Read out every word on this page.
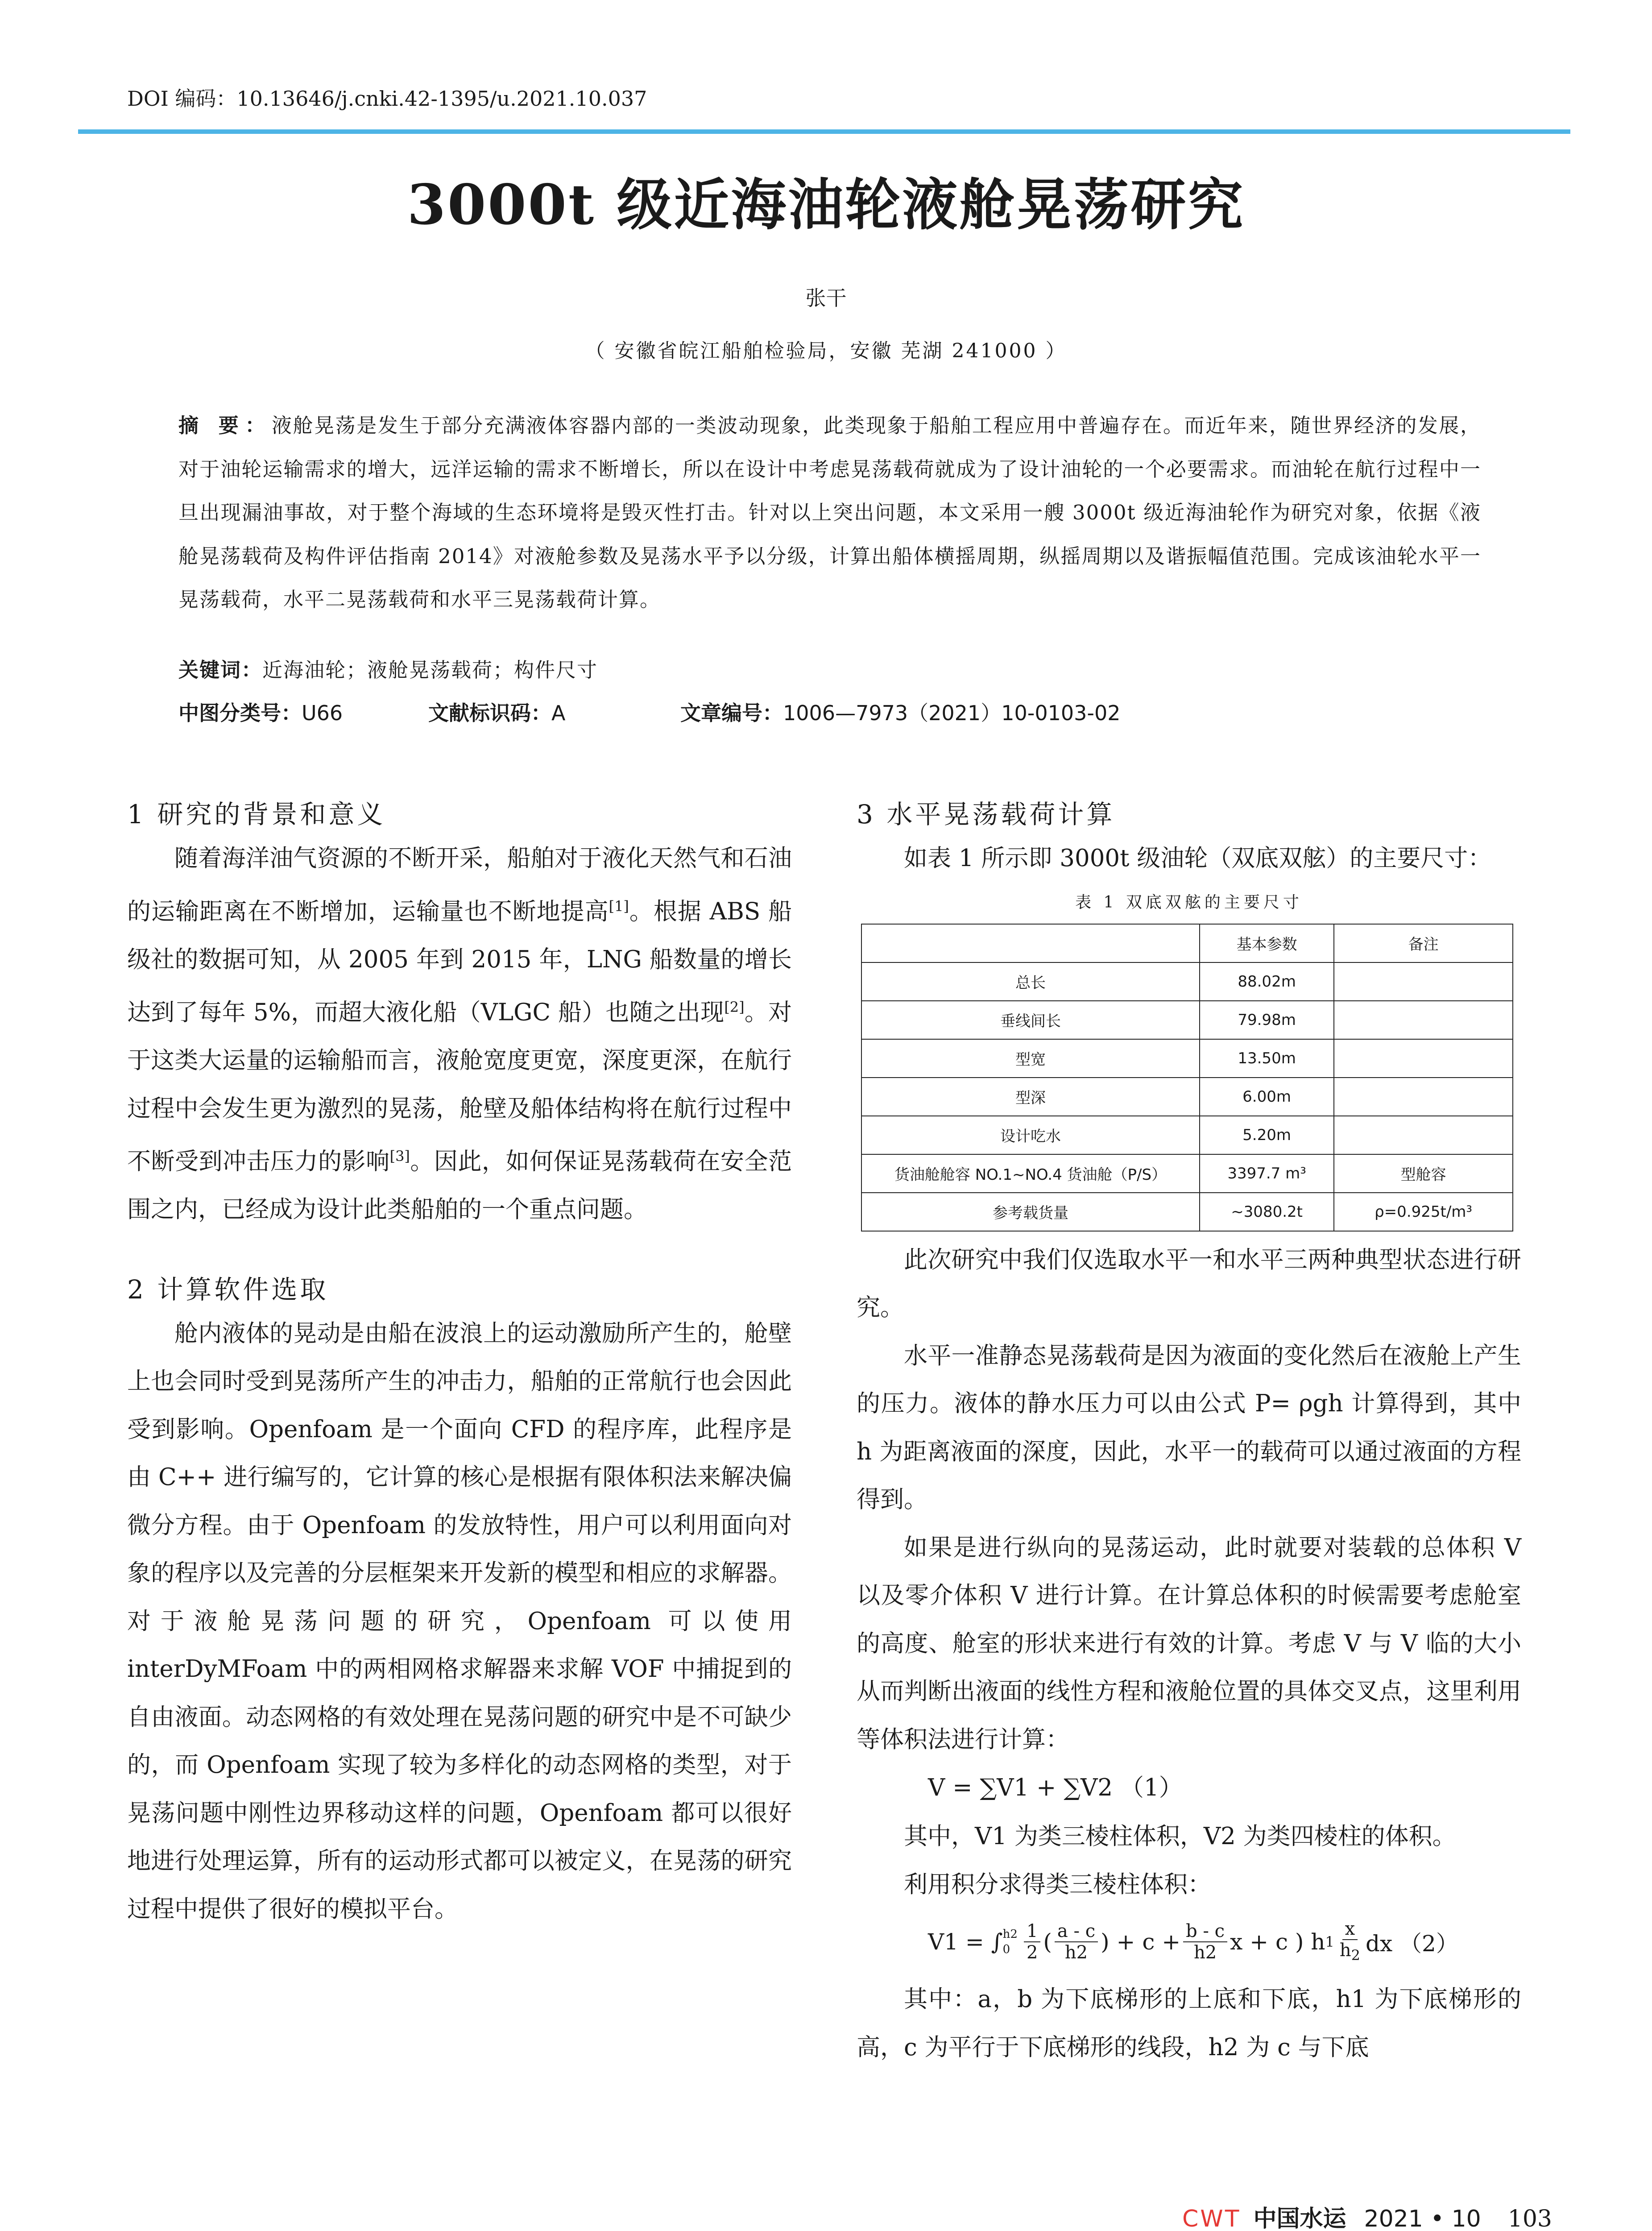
DOI 编码：10.13646/j.cnki.42-1395/u.2021.10.037
3000t 级近海油轮液舱晃荡研究
张干
（ 安徽省皖江船舶检验局，安徽 芜湖 241000 ）
摘 要：液舱晃荡是发生于部分充满液体容器内部的一类波动现象，此类现象于船舶工程应用中普遍存在。而近年来，随世界经济的发展，对于油轮运输需求的增大，远洋运输的需求不断增长，所以在设计中考虑晃荡载荷就成为了设计油轮的一个必要需求。而油轮在航行过程中一旦出现漏油事故，对于整个海域的生态环境将是毁灭性打击。针对以上突出问题，本文采用一艘 3000t 级近海油轮作为研究对象，依据《液舱晃荡载荷及构件评估指南 2014》对液舱参数及晃荡水平予以分级，计算出船体横摇周期，纵摇周期以及谐振幅值范围。完成该油轮水平一晃荡载荷，水平二晃荡载荷和水平三晃荡载荷计算。
关键词：近海油轮；液舱晃荡载荷；构件尺寸
中图分类号：U66	文献标识码：A	文章编号：1006—7973（2021）10-0103-02
1 研究的背景和意义

随着海洋油气资源的不断开采，船舶对于液化天然气和石油的运输距离在不断增加，运输量也不断地提高[1]。根据 ABS 船级社的数据可知，从 2005 年到 2015 年，LNG 船数量的增长达到了每年 5%，而超大液化船（VLGC 船）也随之出现[2]。对于这类大运量的运输船而言，液舱宽度更宽，深度更深，在航行过程中会发生更为激烈的晃荡，舱壁及船体结构将在航行过程中不断受到冲击压力的影响[3]。因此，如何保证晃荡载荷在安全范围之内，已经成为设计此类船舶的一个重点问题。

2 计算软件选取

舱内液体的晃动是由船在波浪上的运动激励所产生的，舱壁上也会同时受到晃荡所产生的冲击力，船舶的正常航行也会因此受到影响。Openfoam 是一个面向 CFD 的程序库，此程序是由 C++ 进行编写的，它计算的核心是根据有限体积法来解决偏微分方程。由于 Openfoam 的发放特性，用户可以利用面向对象的程序以及完善的分层框架来开发新的模型和相应的求解器。对于液舱晃荡问题的研究，Openfoam 可以使用 interDyMFoam 中的两相网格求解器来求解 VOF 中捕捉到的自由液面。动态网格的有效处理在晃荡问题的研究中是不可缺少的，而 Openfoam 实现了较为多样化的动态网格的类型，对于晃荡问题中刚性边界移动这样的问题，Openfoam 都可以很好地进行处理运算，所有的运动形式都可以被定义，在晃荡的研究过程中提供了很好的模拟平台。

3 水平晃荡载荷计算

如表 1 所示即 3000t 级油轮（双底双舷）的主要尺寸：

表 1 双底双舷的主要尺寸
	基本参数	备注
总长	88.02m	
垂线间长	79.98m	
型宽	13.50m	
型深	6.00m	
设计吃水	5.20m	
货油舱舱容 NO.1~NO.4 货油舱（P/S）	3397.7 m³	型舱容
参考载货量	~3080.2t	ρ=0.925t/m³

此次研究中我们仅选取水平一和水平三两种典型状态进行研究。

水平一准静态晃荡载荷是因为液面的变化然后在液舱上产生的压力。液体的静水压力可以由公式 P= ρgh 计算得到，其中 h 为距离液面的深度，因此，水平一的载荷可以通过液面的方程得到。

如果是进行纵向的晃荡运动，此时就要对装载的总体积 V 以及零介体积 V 进行计算。在计算总体积的时候需要考虑舱室的高度、舱室的形状来进行有效的计算。考虑 V 与 V 临的大小从而判断出液面的线性方程和液舱位置的具体交叉点，这里利用等体积法进行计算：

V = ∑V1 + ∑V2 （1）

其中，V1 为类三棱柱体积，V2 为类四棱柱的体积。

利用积分求得类三棱柱体积：

V1 = ∫ h2
$0 \frac{1}{2}$ ( $\frac{a - c}{h2}$ ) + $c + \frac{b - c}{h2}$ x + c ) h $1 \frac{x}{h_2}$ dx （2）

其中：a，b 为下底梯形的上底和下底，h1 为下底梯形的高，c 为平行于下底梯形的线段，h2 为 c 与下底

CWT 中国水运 2021 • 10 103
